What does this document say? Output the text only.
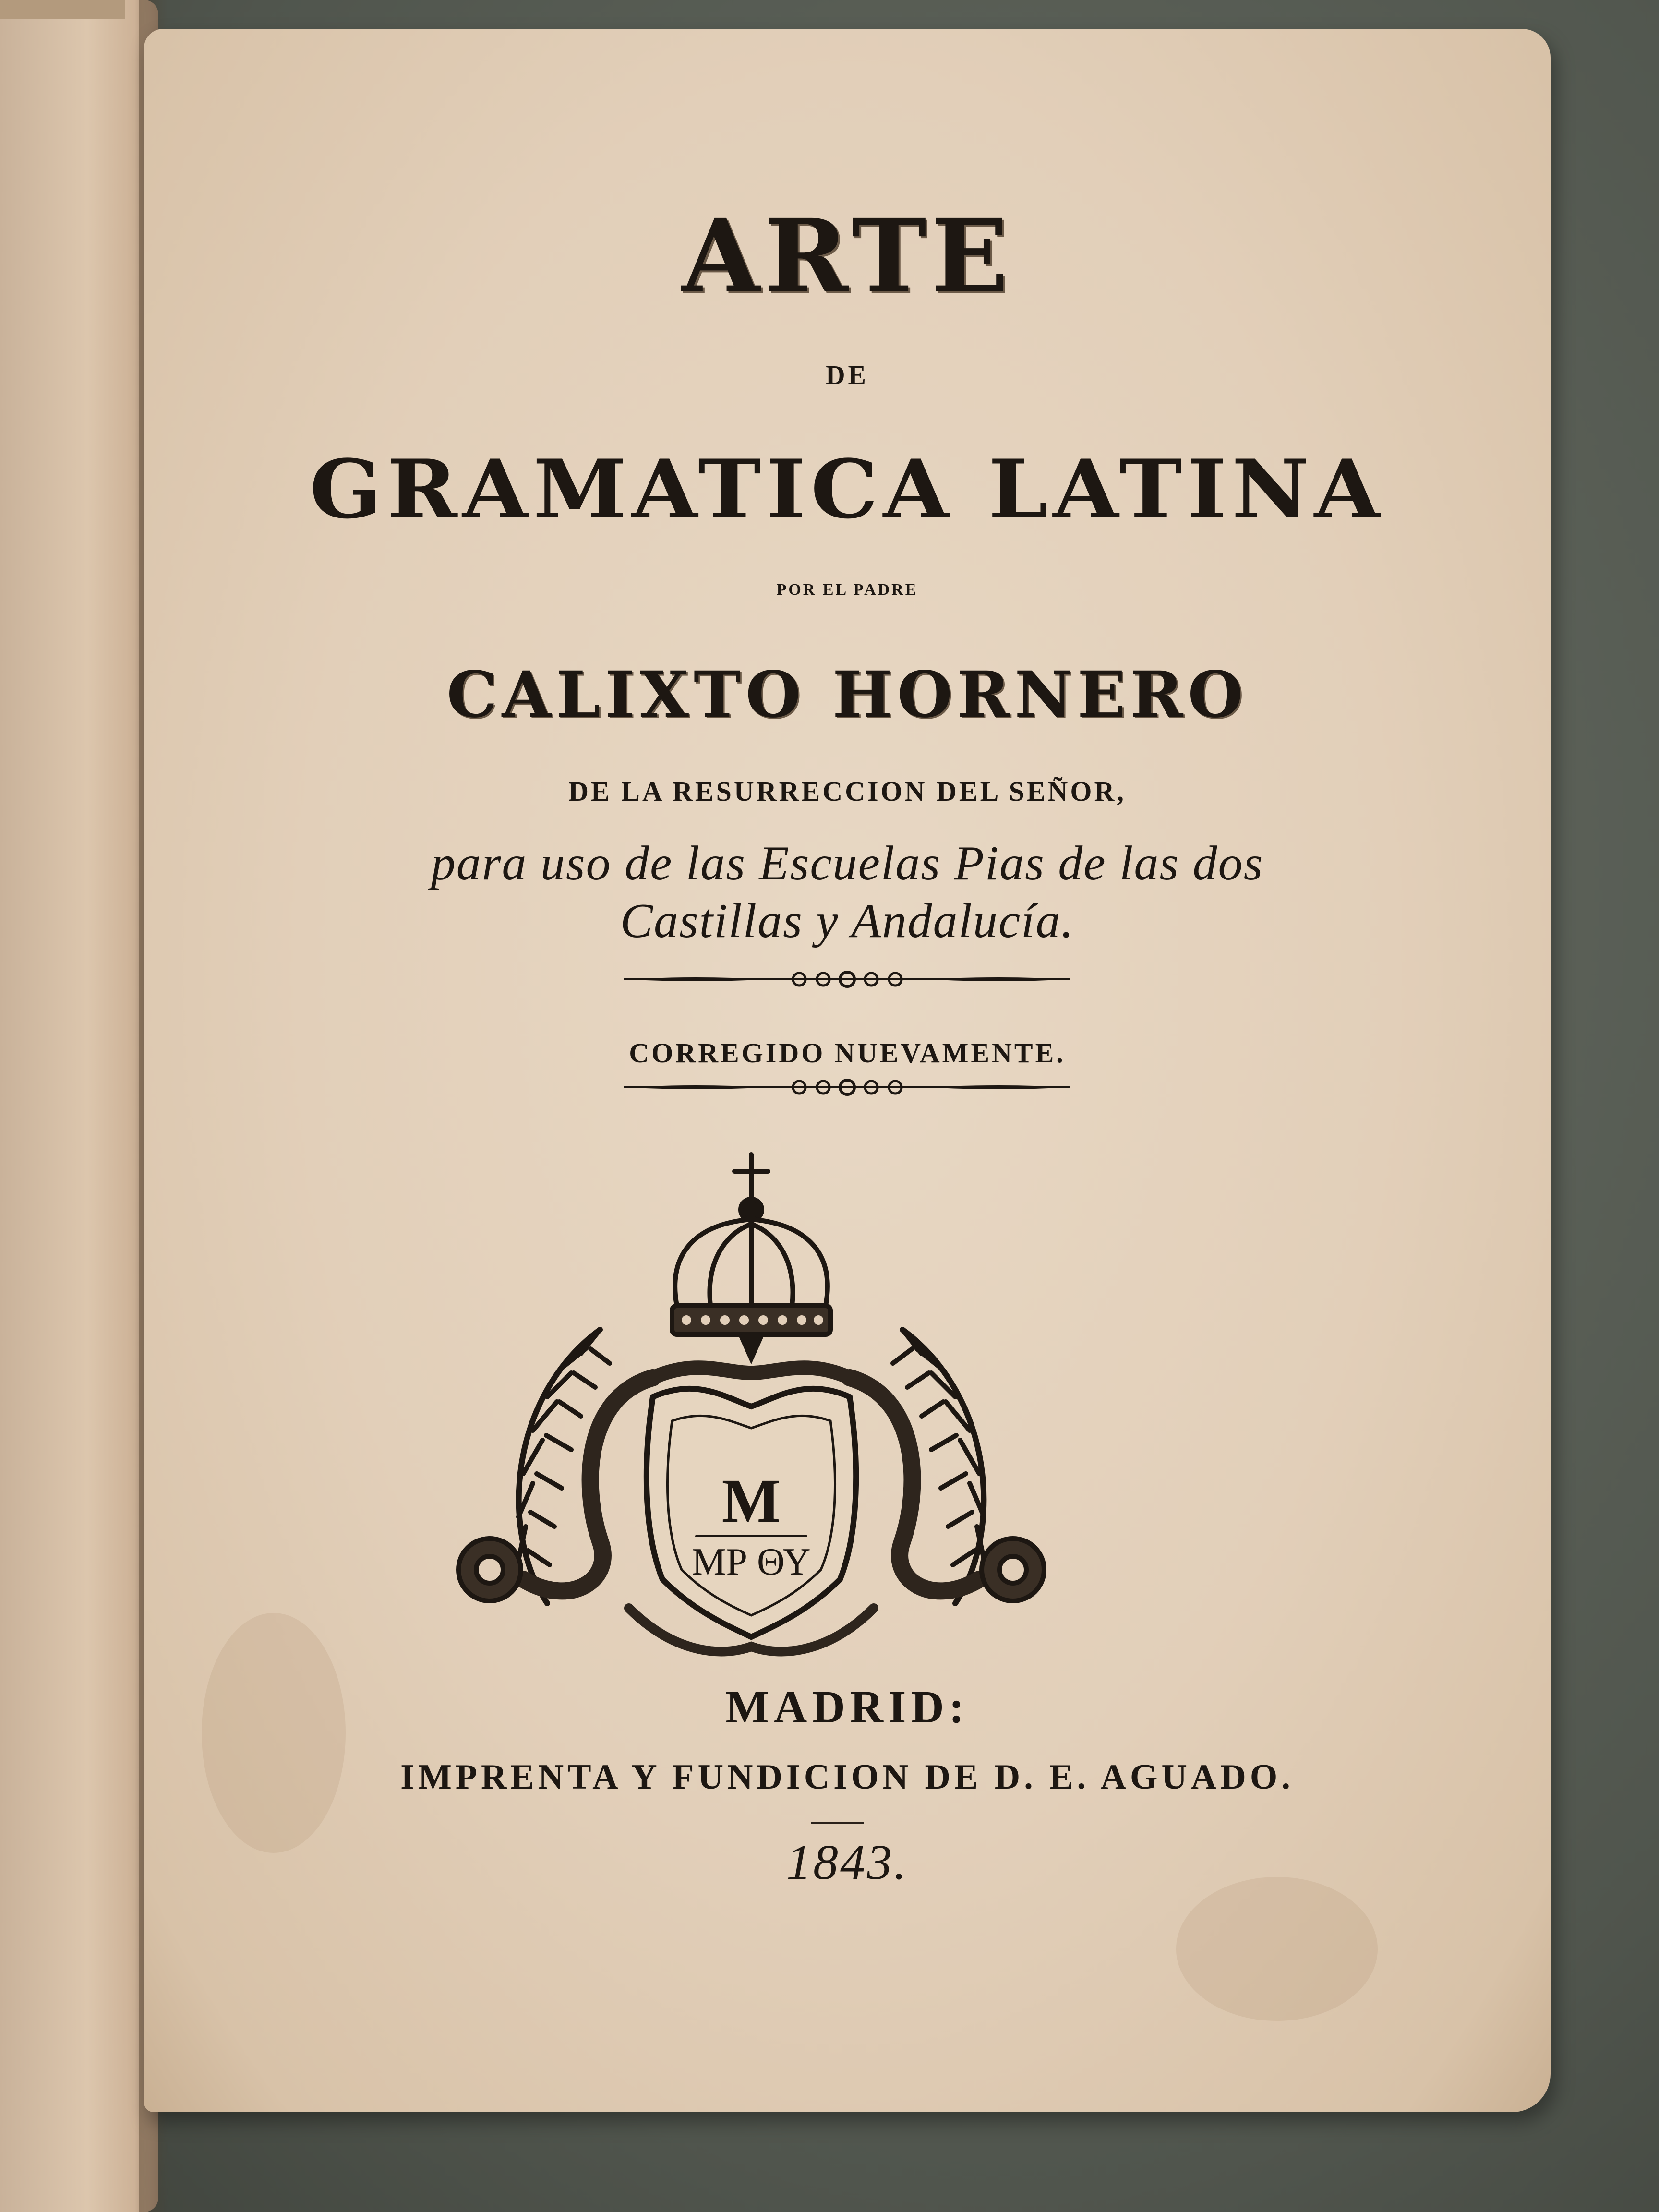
ARTE
DE
GRAMATICA LATINA
POR EL PADRE
CALIXTO HORNERO
DE LA RESURRECCION DEL SEÑOR,
para uso de las Escuelas Pias de las dos
Castillas y Andalucía.
CORREGIDO NUEVAMENTE.
M
ΜΡ ΘΥ
MADRID:
IMPRENTA Y FUNDICION DE D. E. AGUADO.
1843.
